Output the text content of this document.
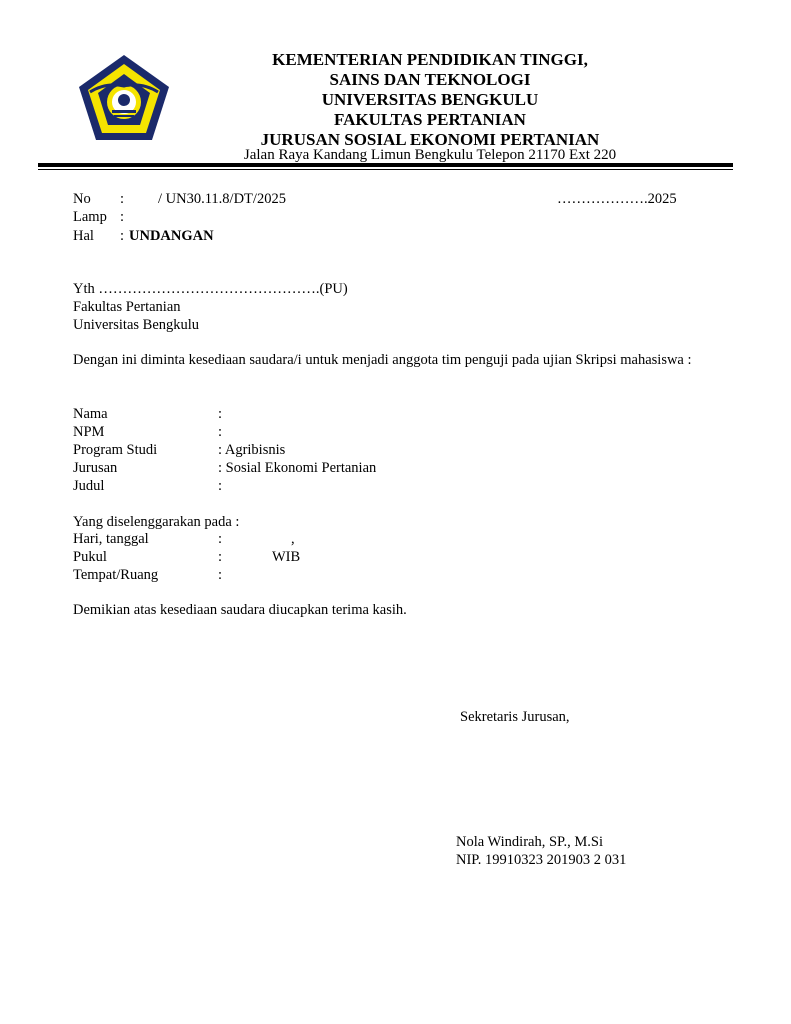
KEMENTERIAN PENDIDIKAN TINGGI,
SAINS DAN TEKNOLOGI
UNIVERSITAS BENGKULU
FAKULTAS PERTANIAN
JURUSAN SOSIAL EKONOMI PERTANIAN
Jalan Raya Kandang Limun Bengkulu Telepon 21170 Ext 220
No : / UN30.11.8/DT/2025	……………….2025
Lamp :
Hal : UNDANGAN
Yth ……………………………………….(PU)
Fakultas Pertanian
Universitas Bengkulu
Dengan ini diminta kesediaan saudara/i untuk menjadi anggota tim penguji pada ujian Skripsi mahasiswa :
Nama	:
NPM	:
Program Studi	: Agribisnis
Jurusan	: Sosial Ekonomi Pertanian
Judul	:
Yang diselenggarakan pada :
Hari, tanggal	:	,
Pukul	:	WIB
Tempat/Ruang	:
Demikian atas kesediaan saudara diucapkan terima kasih.
Sekretaris Jurusan,
Nola Windirah, SP., M.Si
NIP. 19910323 201903 2 031
